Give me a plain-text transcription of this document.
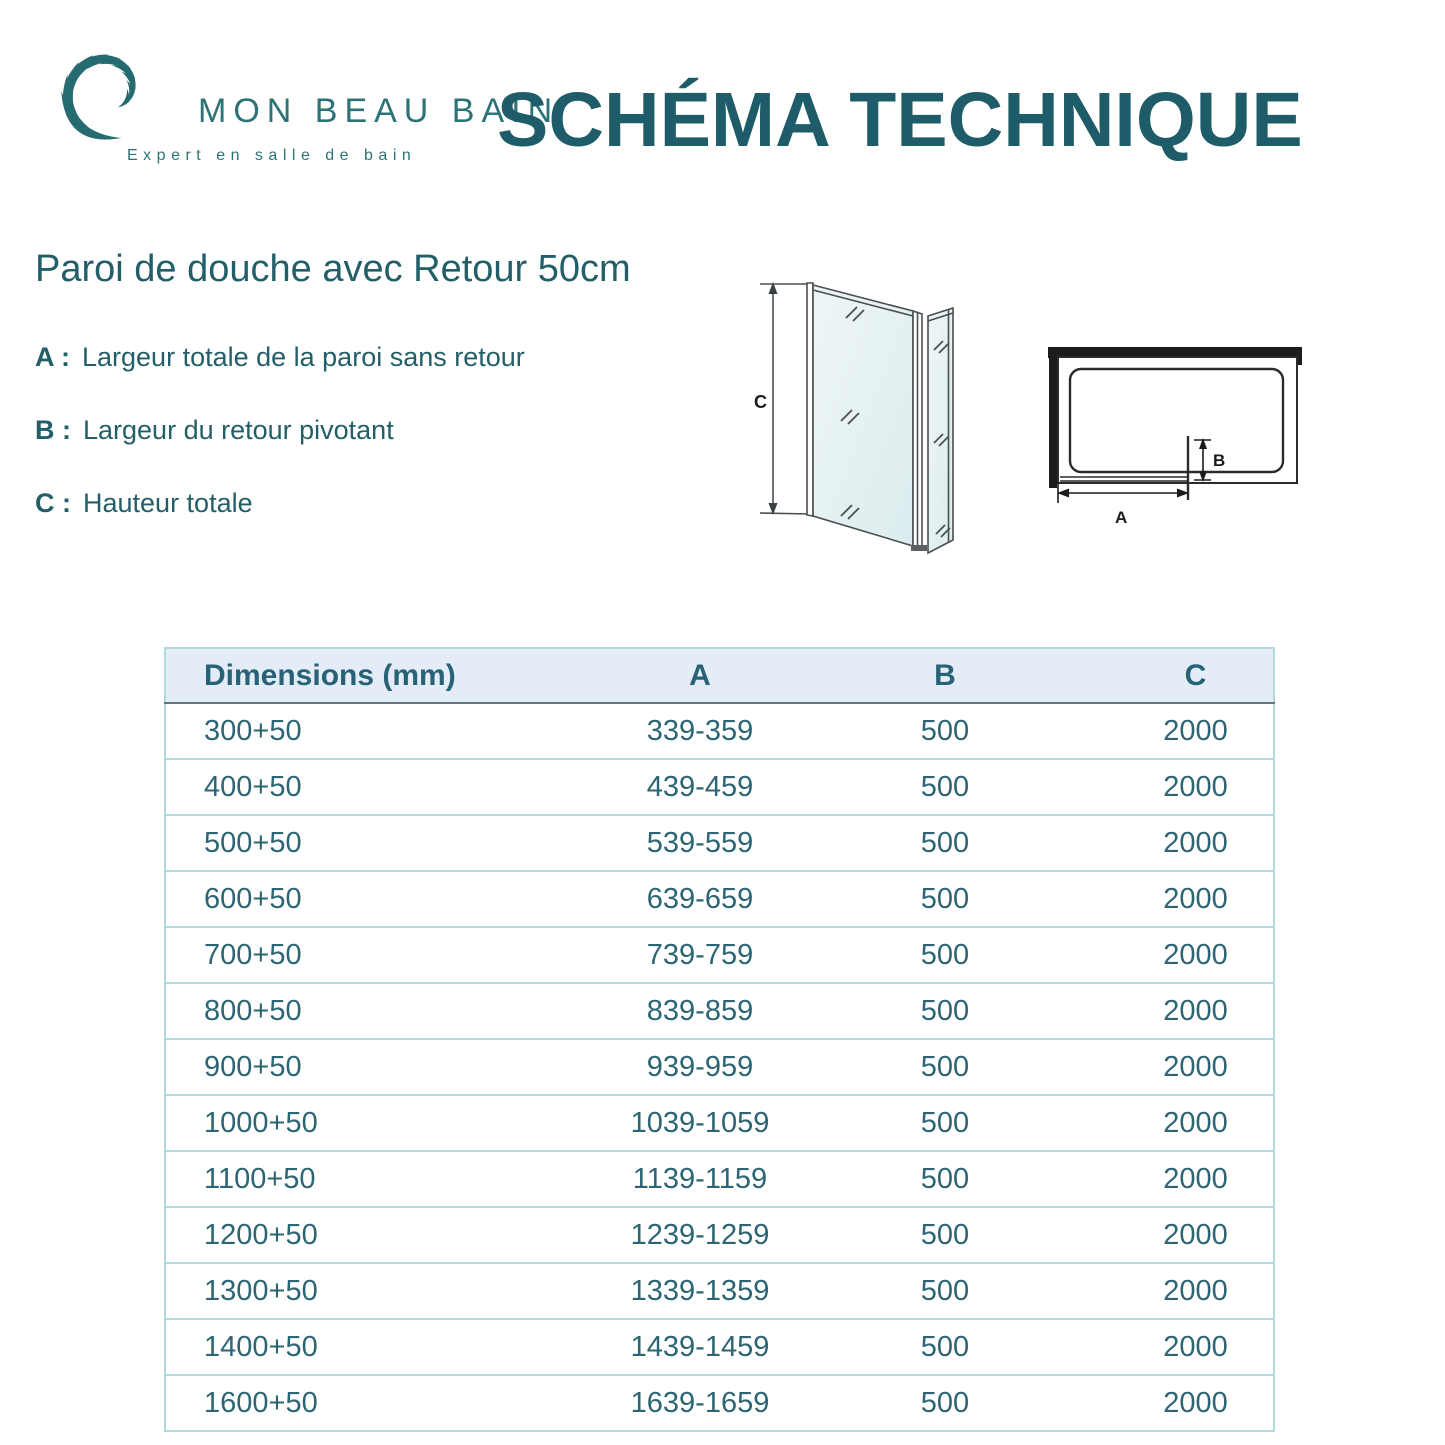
MON BEAU BAIN
Expert en salle de bain SCHÉMA TECHNIQUE
Paroi de douche avec Retour 50cm
A : Largeur totale de la paroi sans retour
B : Largeur du retour pivotant
C : Hauteur totale
C
B
A
Dimensions (mm)	A	B	C
300+50	339-359	500	2000
400+50	439-459	500	2000
500+50	539-559	500	2000
600+50	639-659	500	2000
700+50	739-759	500	2000
800+50	839-859	500	2000
900+50	939-959	500	2000
1000+50	1039-1059	500	2000
1100+50	1139-1159	500	2000
1200+50	1239-1259	500	2000
1300+50	1339-1359	500	2000
1400+50	1439-1459	500	2000
1600+50	1639-1659	500	2000
